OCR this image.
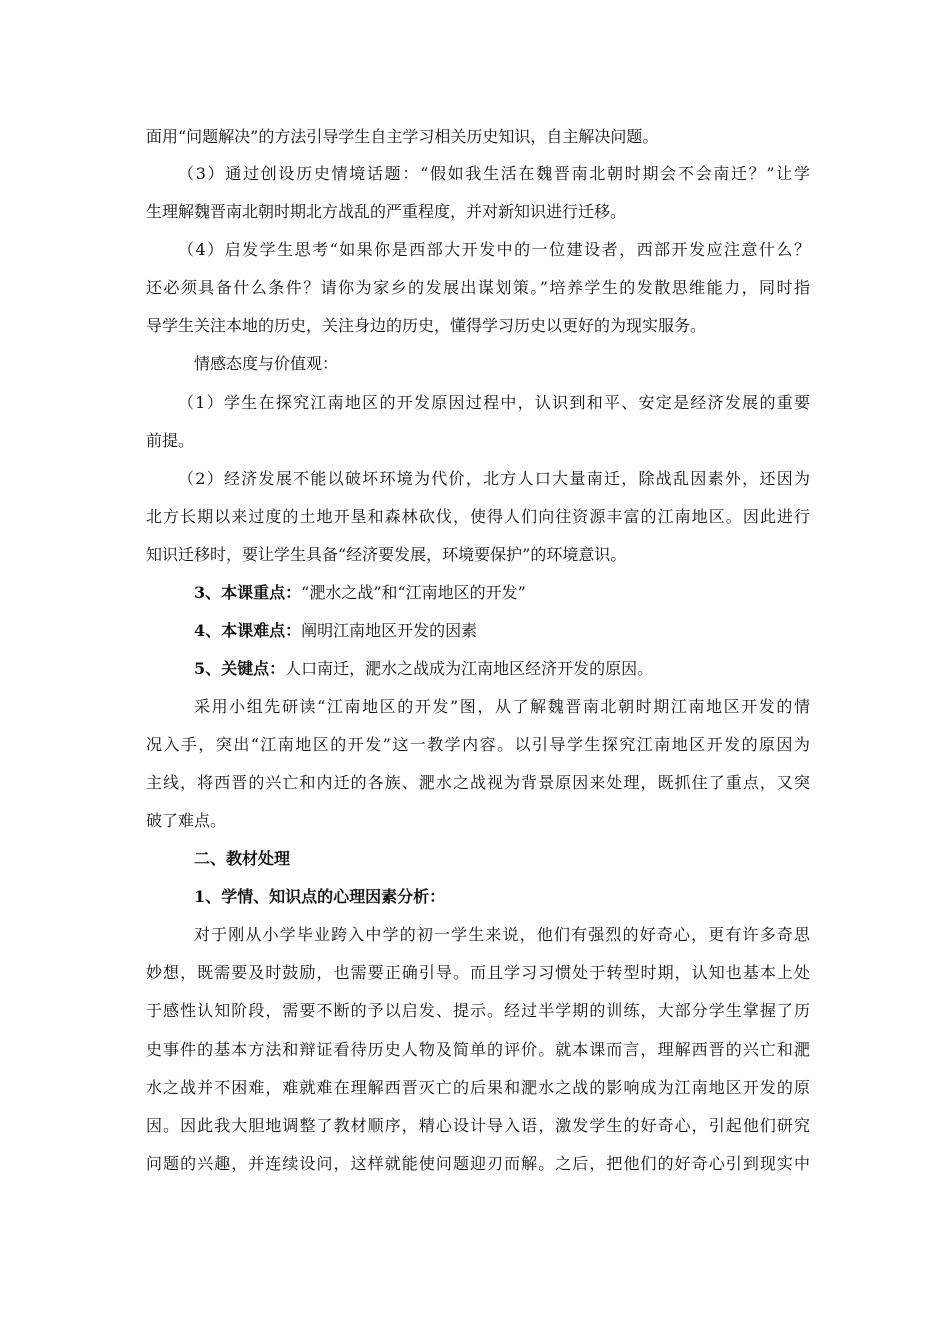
面用“问题解决”的方法引导学生自主学习相关历史知识，自主解决问题。
（3）通过创设历史情境话题：“假如我生活在魏晋南北朝时期会不会南迁？”让学
生理解魏晋南北朝时期北方战乱的严重程度，并对新知识进行迁移。
（4）启发学生思考“如果你是西部大开发中的一位建设者，西部开发应注意什么？
还必须具备什么条件？请你为家乡的发展出谋划策。”培养学生的发散思维能力，同时指
导学生关注本地的历史，关注身边的历史，懂得学习历史以更好的为现实服务。
情感态度与价值观：
（1）学生在探究江南地区的开发原因过程中，认识到和平、安定是经济发展的重要
前提。
（2）经济发展不能以破坏环境为代价，北方人口大量南迁，除战乱因素外，还因为
北方长期以来过度的土地开垦和森林砍伐，使得人们向往资源丰富的江南地区。因此进行
知识迁移时，要让学生具备“经济要发展，环境要保护”的环境意识。
3、本课重点：“淝水之战”和“江南地区的开发”
4、本课难点：阐明江南地区开发的因素
5、关键点：人口南迁，淝水之战成为江南地区经济开发的原因。
采用小组先研读“江南地区的开发”图，从了解魏晋南北朝时期江南地区开发的情
况入手，突出“江南地区的开发”这一教学内容。以引导学生探究江南地区开发的原因为
主线，将西晋的兴亡和内迁的各族、淝水之战视为背景原因来处理，既抓住了重点，又突
破了难点。
二、教材处理
1、学情、知识点的心理因素分析：
对于刚从小学毕业跨入中学的初一学生来说，他们有强烈的好奇心，更有许多奇思
妙想，既需要及时鼓励，也需要正确引导。而且学习习惯处于转型时期，认知也基本上处
于感性认知阶段，需要不断的予以启发、提示。经过半学期的训练，大部分学生掌握了历
史事件的基本方法和辩证看待历史人物及简单的评价。就本课而言，理解西晋的兴亡和淝
水之战并不困难，难就难在理解西晋灭亡的后果和淝水之战的影响成为江南地区开发的原
因。因此我大胆地调整了教材顺序，精心设计导入语，激发学生的好奇心，引起他们研究
问题的兴趣，并连续设问，这样就能使问题迎刃而解。之后，把他们的好奇心引到现实中
